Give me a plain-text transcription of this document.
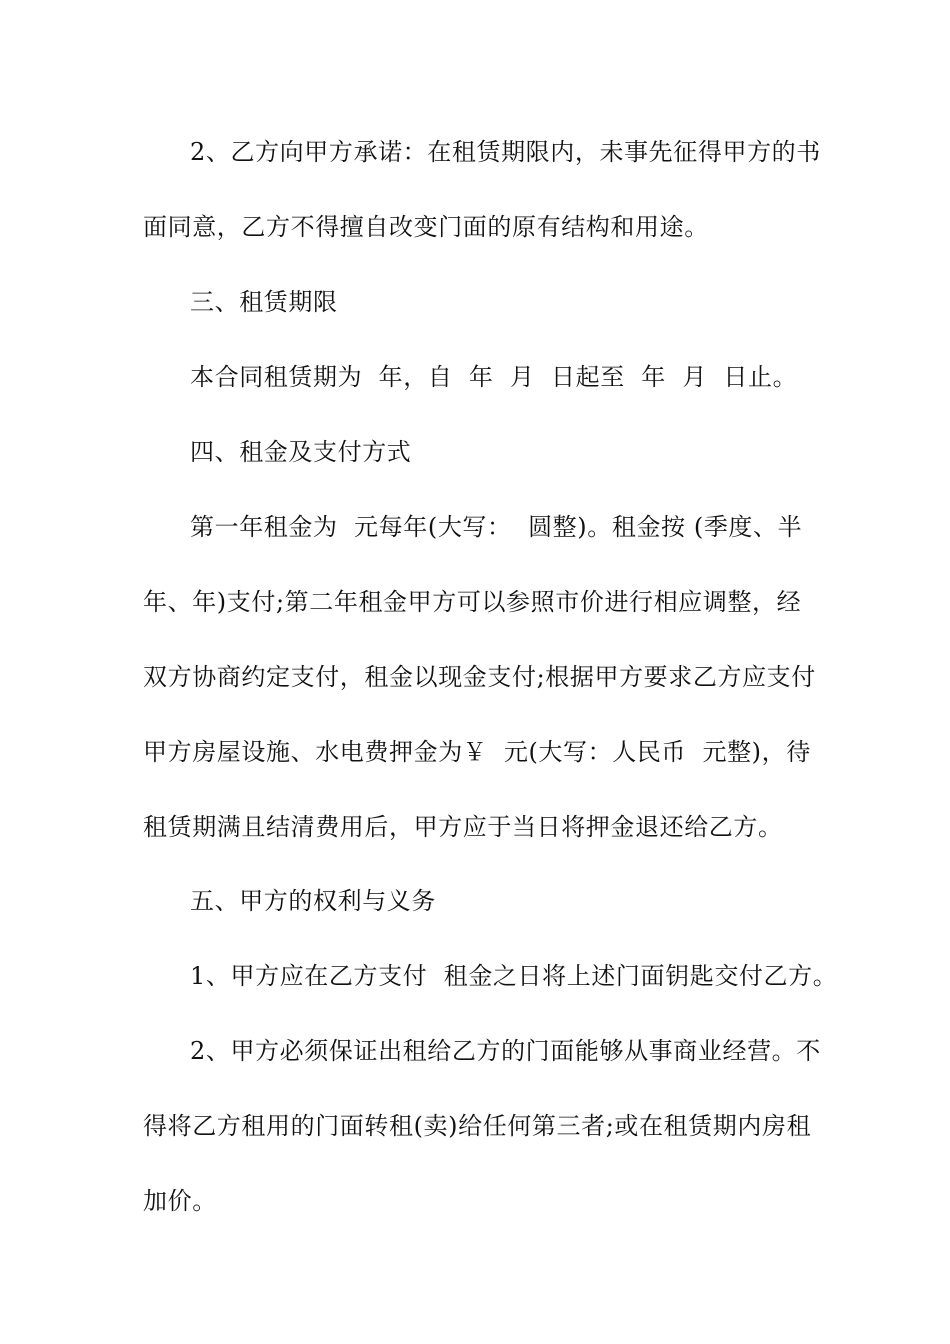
2、乙方向甲方承诺：在租赁期限内，未事先征得甲方的书
面同意，乙方不得擅自改变门面的原有结构和用途。
三、租赁期限
本合同租赁期为  年，自  年  月  日起至  年  月  日止。
四、租金及支付方式
第一年租金为  元每年(大写：  圆整)。租金按 (季度、半
年、年)支付;第二年租金甲方可以参照市价进行相应调整，经
双方协商约定支付，租金以现金支付;根据甲方要求乙方应支付
甲方房屋设施、水电费押金为￥  元(大写：人民币  元整)，待
租赁期满且结清费用后，甲方应于当日将押金退还给乙方。
五、甲方的权利与义务
1、甲方应在乙方支付  租金之日将上述门面钥匙交付乙方。
2、甲方必须保证出租给乙方的门面能够从事商业经营。不
得将乙方租用的门面转租(卖)给任何第三者;或在租赁期内房租
加价。
